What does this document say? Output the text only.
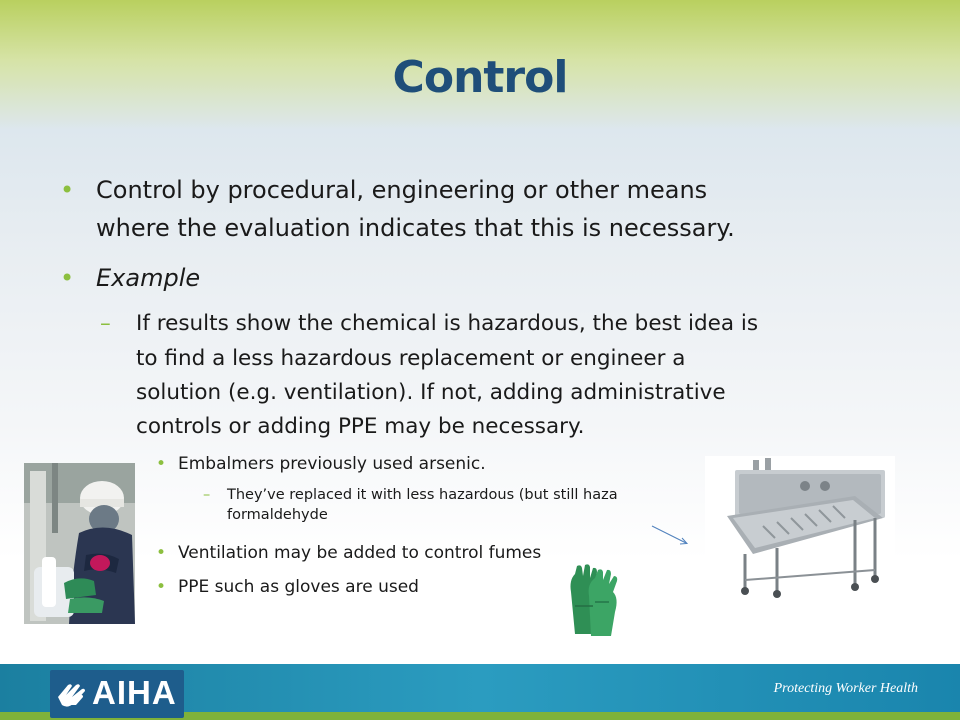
Control
• Control by procedural, engineering or other means
where the evaluation indicates that this is necessary.
• Example
– If results show the chemical is hazardous, the best idea is
to find a less hazardous replacement or engineer a
solution (e.g. ventilation). If not, adding administrative
controls or adding PPE may be necessary.
• Embalmers previously used arsenic.
– They’ve replaced it with less hazardous (but still haza
formaldehyde
• Ventilation may be added to control fumes
• PPE such as gloves are used
AIHA	Protecting Worker Health
